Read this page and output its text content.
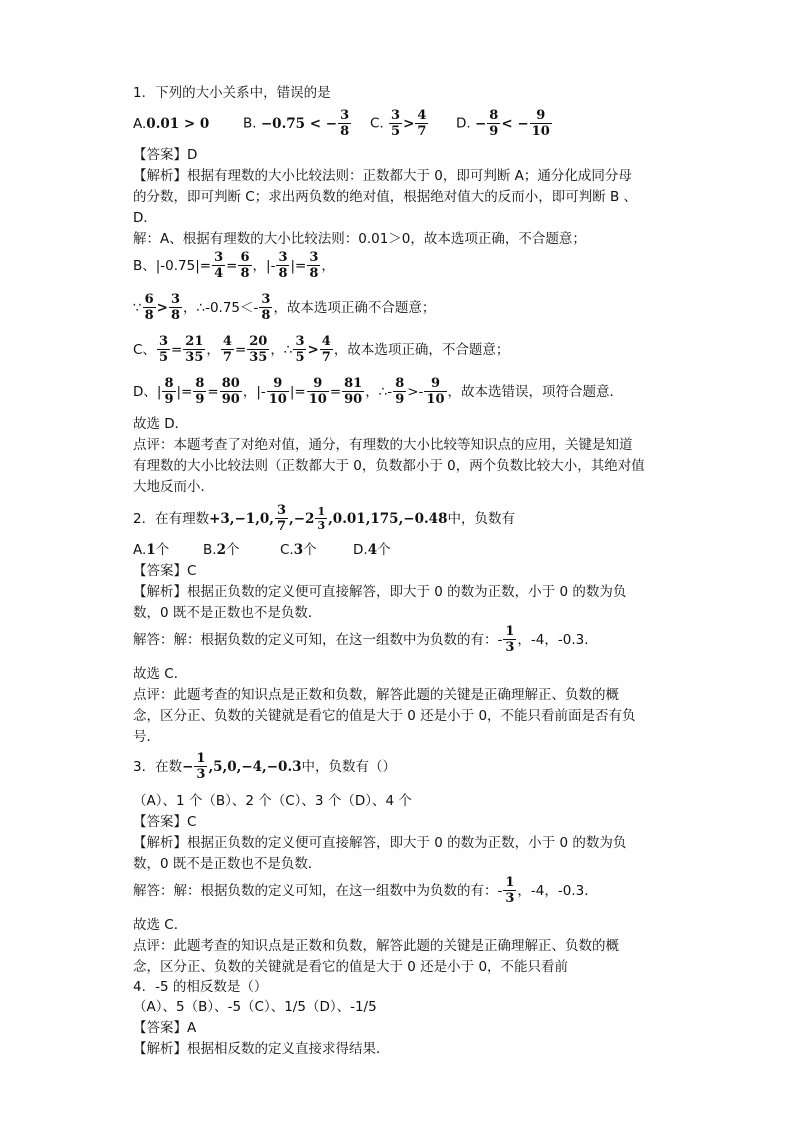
1．下列的大小关系中，错误的是
A.0.01 > 0 B. −0.75 < − $\frac{3}{8} C$. $\frac{3}{5} > \frac{4}{7} D$. − $\frac{8}{9}$ < − $\frac{9}{10}$
【答案】D
【解析】根据有理数的大小比较法则：正数都大于 0，即可判断 A；通分化成同分母
的分数，即可判断 C；求出两负数的绝对值，根据绝对值大的反而小，即可判断 B 、
D．
解：A、根据有理数的大小比较法则：0.01＞0，故本选项正确，不合题意；
B、$|-0.75|= \frac{3}{4} = \frac{6}{8}$ ，|- $\frac{3}{8}$ |= $\frac{3}{8}$ ，
∵ $\frac{6}{8} > \frac{3}{8}$ ，∴-0.75＜- $\frac{3}{8}$ ，故本选项正确不合题意；
C、 $\frac{3}{5} = \frac{21}{35}$ ， $\frac{4}{7} = \frac{20}{35}$ ，∴ $\frac{3}{5} > \frac{4}{7}$ ，故本选项正确，不合题意；
D、| $\frac{8}{9}$ |= $\frac{8}{9} = \frac{80}{90}$ ，|- $\frac{9}{10}$ |= $\frac{9}{10} = \frac{81}{90}$ ，∴- $\frac{8}{9} >- \frac{9}{10}$ ，故本选错误，项符合题意．
故选 D．
点评：本题考查了对绝对值，通分，有理数的大小比较等知识点的应用，关键是知道
有理数的大小比较法则（正数都大于 0，负数都小于 0，两个负数比较大小，其绝对值
大地反而小．
2．在有理数+3,−1,0, $\frac{3}{7} ,-2 \frac{1}{3} ,0.01,175,-0.48$中，负数有
A.1个	B.2个	C.3个	D.4个
【答案】C
【解析】根据正负数的定义便可直接解答，即大于 0 的数为正数，小于 0 的数为负
数，0 既不是正数也不是负数．
解答：解：根据负数的定义可知，在这一组数中为负数的有：- $\frac{1}{3}$ ，-4，-0.3．
故选 C．
点评：此题考查的知识点是正数和负数，解答此题的关键是正确理解正、负数的概
念，区分正、负数的关键就是看它的值是大于 0 还是小于 0，不能只看前面是否有负
号．
3．在数− $\frac{1}{3} ,5,0,-4,-0.3$中，负数有（）
（A）、1 个（B）、2 个（C）、3 个（D）、4 个
【答案】C
【解析】根据正负数的定义便可直接解答，即大于 0 的数为正数，小于 0 的数为负
数，0 既不是正数也不是负数．
解答：解：根据负数的定义可知，在这一组数中为负数的有：- $\frac{1}{3}$ ，-4，-0.3．
故选 C．
点评：此题考查的知识点是正数和负数，解答此题的关键是正确理解正、负数的概
念，区分正、负数的关键就是看它的值是大于 0 还是小于 0，不能只看前
4．-5 的相反数是（）
（A）、5（B）、-5（C）、1/5（D）、-1/5
【答案】A
【解析】根据相反数的定义直接求得结果．
